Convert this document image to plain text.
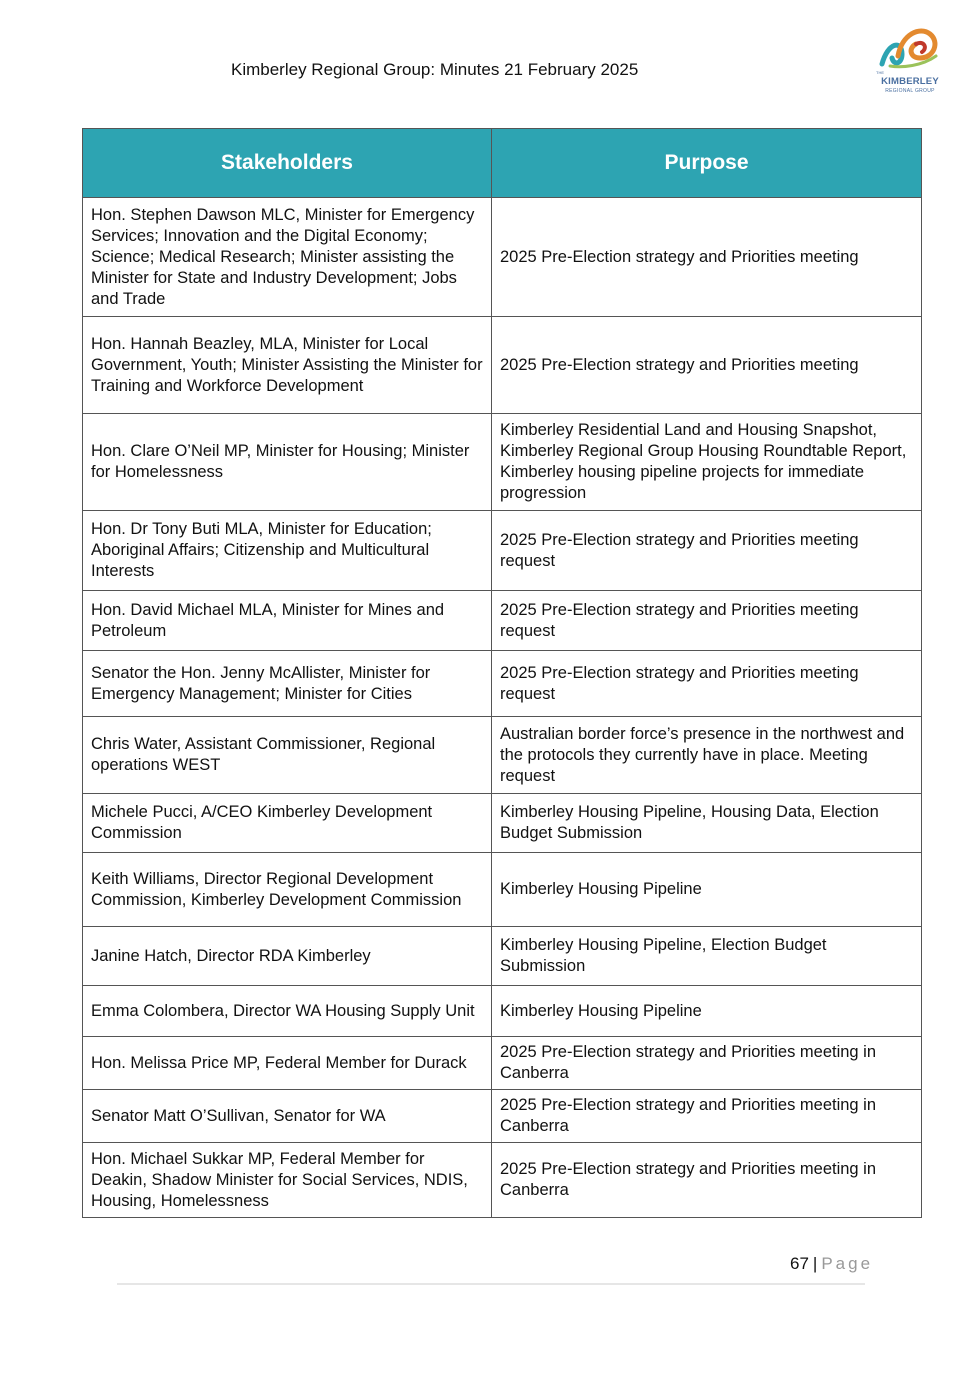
Kimberley Regional Group: Minutes 21 February 2025	THE
KIMBERLEY
REGIONAL GROUP
Stakeholders	Purpose
Hon. Stephen Dawson MLC, Minister for Emergency Services; Innovation and the Digital Economy; Science; Medical Research; Minister assisting the Minister for State and Industry Development; Jobs and Trade	2025 Pre-Election strategy and Priorities meeting
Hon. Hannah Beazley, MLA, Minister for Local Government, Youth; Minister Assisting the Minister for Training and Workforce Development	2025 Pre-Election strategy and Priorities meeting
Hon. Clare O’Neil MP, Minister for Housing; Minister for Homelessness	Kimberley Residential Land and Housing Snapshot, Kimberley Regional Group Housing Roundtable Report, Kimberley housing pipeline projects for immediate progression
Hon. Dr Tony Buti MLA, Minister for Education; Aboriginal Affairs; Citizenship and Multicultural Interests	2025 Pre-Election strategy and Priorities meeting request
Hon. David Michael MLA, Minister for Mines and Petroleum	2025 Pre-Election strategy and Priorities meeting request
Senator the Hon. Jenny McAllister, Minister for Emergency Management; Minister for Cities	2025 Pre-Election strategy and Priorities meeting request
Chris Water, Assistant Commissioner, Regional operations WEST	Australian border force’s presence in the northwest and the protocols they currently have in place. Meeting request
Michele Pucci, A/CEO Kimberley Development Commission	Kimberley Housing Pipeline, Housing Data, Election Budget Submission
Keith Williams, Director Regional Development Commission, Kimberley Development Commission	Kimberley Housing Pipeline
Janine Hatch, Director RDA Kimberley	Kimberley Housing Pipeline, Election Budget Submission
Emma Colombera, Director WA Housing Supply Unit	Kimberley Housing Pipeline
Hon. Melissa Price MP, Federal Member for Durack	2025 Pre-Election strategy and Priorities meeting in Canberra
Senator Matt O’Sullivan, Senator for WA	2025 Pre-Election strategy and Priorities meeting in Canberra
Hon. Michael Sukkar MP, Federal Member for Deakin, Shadow Minister for Social Services, NDIS, Housing, Homelessness	2025 Pre-Election strategy and Priorities meeting in Canberra
67 | Page
